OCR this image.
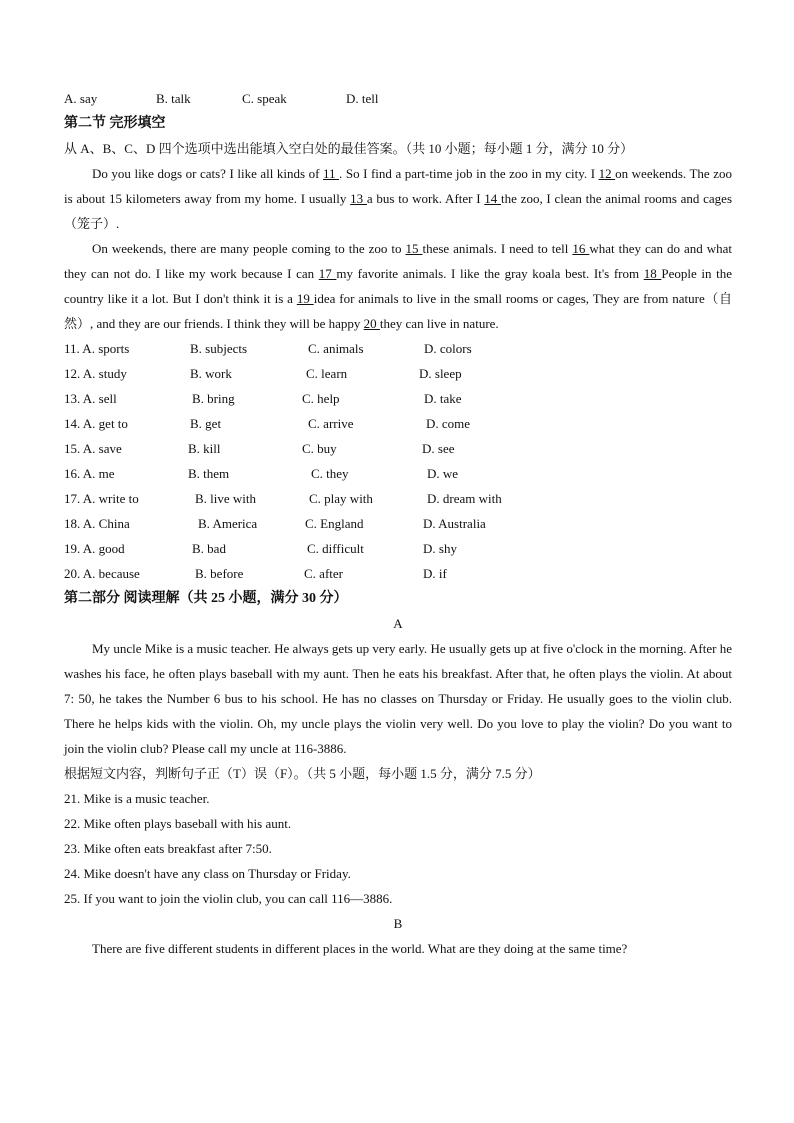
A. say	B. talk	C. speak	D. tell
第二节 完形填空
从 A、B、C、D 四个选项中选出能填入空白处的最佳答案。（共 10 小题；每小题 1 分，满分 10 分）
Do you like dogs or cats? I like all kinds of 11 . So I find a part-time job in the zoo in my city. I 12 on weekends. The zoo is about 15 kilometers away from my home. I usually 13 a bus to work. After I 14 the zoo, I clean the animal rooms and cages（笼子）.
On weekends, there are many people coming to the zoo to 15 these animals. I need to tell 16 what they can do and what they can not do. I like my work because I can 17 my favorite animals. I like the gray koala best. It's from 18 People in the country like it a lot. But I don't think it is a 19 idea for animals to live in the small rooms or cages, They are from nature（自然）, and they are our friends. I think they will be happy 20 they can live in nature.
11. A. sports	B. subjects	C. animals	D. colors
12. A. study	B. work	C. learn	D. sleep
13. A. sell	B. bring	C. help	D. take
14. A. get to	B. get	C. arrive	D. come
15. A. save	B. kill	C. buy	D. see
16. A. me	B. them	C. they	D. we
17. A. write to	B. live with	C. play with	D. dream with
18. A. China	B. America	C. England	D. Australia
19. A. good	B. bad	C. difficult	D. shy
20. A. because	B. before	C. after	D. if
第二部分 阅读理解（共 25 小题，满分 30 分）
A
My uncle Mike is a music teacher. He always gets up very early. He usually gets up at five o'clock in the morning. After he washes his face, he often plays baseball with my aunt. Then he eats his breakfast. After that, he often plays the violin. At about 7: 50, he takes the Number 6 bus to his school. He has no classes on Thursday or Friday. He usually goes to the violin club. There he helps kids with the violin. Oh, my uncle plays the violin very well. Do you love to play the violin? Do you want to join the violin club? Please call my uncle at 116-3886.
根据短文内容，判断句子正（T）误（F）。（共 5 小题，每小题 1.5 分，满分 7.5 分）
21. Mike is a music teacher.
22. Mike often plays baseball with his aunt.
23. Mike often eats breakfast after 7:50.
24. Mike doesn't have any class on Thursday or Friday.
25. If you want to join the violin club, you can call 116—3886.
B
There are five different students in different places in the world. What are they doing at the same time?
